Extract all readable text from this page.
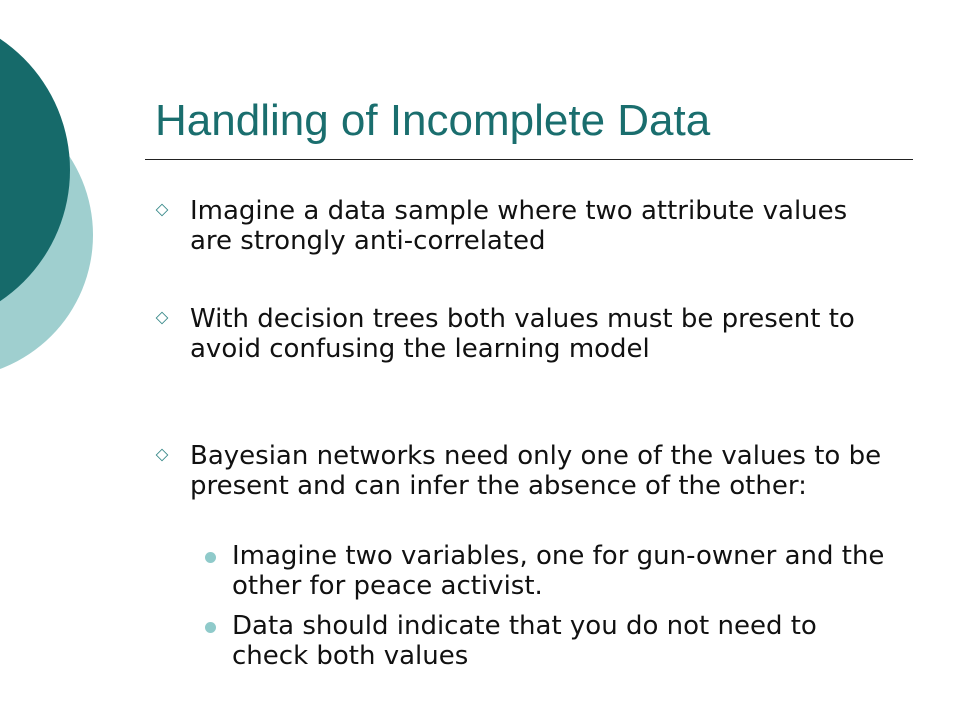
Handling of Incomplete Data
Imagine a data sample where two attribute values are strongly anti-correlated
With decision trees both values must be present to avoid confusing the learning model
Bayesian networks need only one of the values to be present and can infer the absence of the other:
Imagine two variables, one for gun-owner and the other for peace activist.
Data should indicate that you do not need to check both values
